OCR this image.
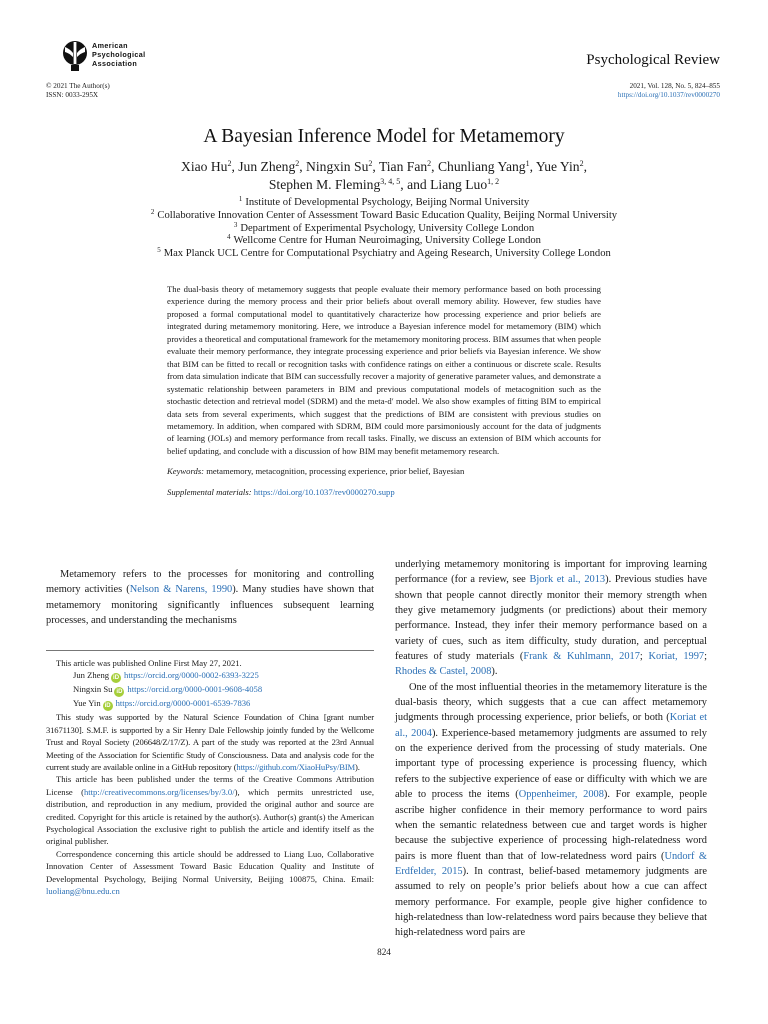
American
Psychological
Association	Psychological Review
© 2021 The Author(s)
ISSN: 0033-295X
2021, Vol. 128, No. 5, 824–855
https://doi.org/10.1037/rev0000270
A Bayesian Inference Model for Metamemory
Xiao Hu$^2$, Jun Zheng$^2$, Ningxin Su$^2$, Tian Fan$^2$, Chunliang Yang$^1$, Yue Yin$^2$,
Stephen M. Fleming$^{3, 4, 5}$, and Liang Luo$^{1, 2}$
$^1$ Institute of Developmental Psychology, Beijing Normal University
$^2$ Collaborative Innovation Center of Assessment Toward Basic Education Quality, Beijing Normal University
$^3$ Department of Experimental Psychology, University College London
$^4$ Wellcome Centre for Human Neuroimaging, University College London
$^5$ Max Planck UCL Centre for Computational Psychiatry and Ageing Research, University College London

The dual-basis theory of metamemory suggests that people evaluate their memory performance based on both processing experience during the memory process and their prior beliefs about overall memory ability. However, few studies have proposed a formal computational model to quantitatively characterize how processing experience and prior beliefs are integrated during metamemory monitoring. Here, we introduce a Bayesian inference model for metamemory (BIM) which provides a theoretical and computational framework for the metamemory monitoring process. BIM assumes that when people evaluate their memory performance, they integrate processing experience and prior beliefs via Bayesian inference. We show that BIM can be fitted to recall or recognition tasks with confidence ratings on either a continuous or discrete scale. Results from data simulation indicate that BIM can successfully recover a majority of generative parameter values, and demonstrate a systematic relationship between parameters in BIM and previous computational models of metacognition such as the stochastic detection and retrieval model (SDRM) and the meta-d′ model. We also show examples of fitting BIM to empirical data sets from several experiments, which suggest that the predictions of BIM are consistent with previous studies on metamemory. In addition, when compared with SDRM, BIM could more parsimoniously account for the data of judgments of learning (JOLs) and memory performance from recall tasks. Finally, we discuss an extension of BIM which accounts for belief updating, and conclude with a discussion of how BIM may benefit metamemory research.

Keywords: metamemory, metacognition, processing experience, prior belief, Bayesian

Supplemental materials: https://doi.org/10.1037/rev0000270.supp

Metamemory refers to the processes for monitoring and controlling memory activities (Nelson & Narens, 1990). Many studies have shown that metamemory monitoring significantly influences subsequent learning processes, and understanding the mechanisms

This article was published Online First May 27, 2021.

Jun Zheng iD https://orcid.org/0000-0002-6393-3225
Ningxin Su iD https://orcid.org/0000-0001-9608-4058
Yue Yin iD https://orcid.org/0000-0001-6539-7836

This study was supported by the Natural Science Foundation of China [grant number 31671130]. S.M.F. is supported by a Sir Henry Dale Fellowship jointly funded by the Wellcome Trust and Royal Society (206648/Z/17/Z). A part of the study was reported at the 23rd Annual Meeting of the Association for Scientific Study of Consciousness. Data and analysis code for the current study are available online in a GitHub repository (https://github.com/XiaoHuPsy/BIM).

This article has been published under the terms of the Creative Commons Attribution License (http://creativecommons.org/licenses/by/3.0/), which permits unrestricted use, distribution, and reproduction in any medium, provided the original author and source are credited. Copyright for this article is retained by the author(s). Author(s) grant(s) the American Psychological Association the exclusive right to publish the article and identify itself as the original publisher.

Correspondence concerning this article should be addressed to Liang Luo, Collaborative Innovation Center of Assessment Toward Basic Education Quality and Institute of Developmental Psychology, Beijing Normal University, Beijing 100875, China. Email: luoliang@bnu.edu.cn

underlying metamemory monitoring is important for improving learning performance (for a review, see Bjork et al., 2013). Previous studies have shown that people cannot directly monitor their memory strength when they give metamemory judgments (or predictions) about their memory performance. Instead, they infer their memory performance based on a variety of cues, such as item difficulty, study duration, and perceptual features of study materials (Frank & Kuhlmann, 2017; Koriat, 1997; Rhodes & Castel, 2008).

One of the most influential theories in the metamemory literature is the dual-basis theory, which suggests that a cue can affect metamemory judgments through processing experience, prior beliefs, or both (Koriat et al., 2004). Experience-based metamemory judgments are assumed to rely on the experience derived from the processing of study materials. One important type of processing experience is processing fluency, which refers to the subjective experience of ease or difficulty with which we are able to process the items (Oppenheimer, 2008). For example, people ascribe higher confidence in their memory performance to word pairs when the semantic relatedness between cue and target words is higher because the subjective experience of processing high-relatedness word pairs is more fluent than that of low-relatedness word pairs (Undorf & Erdfelder, 2015). In contrast, belief-based metamemory judgments are assumed to rely on people’s prior beliefs about how a cue can affect memory performance. For example, people give higher confidence to high-relatedness than low-relatedness word pairs because they believe that high-relatedness word pairs are

824
